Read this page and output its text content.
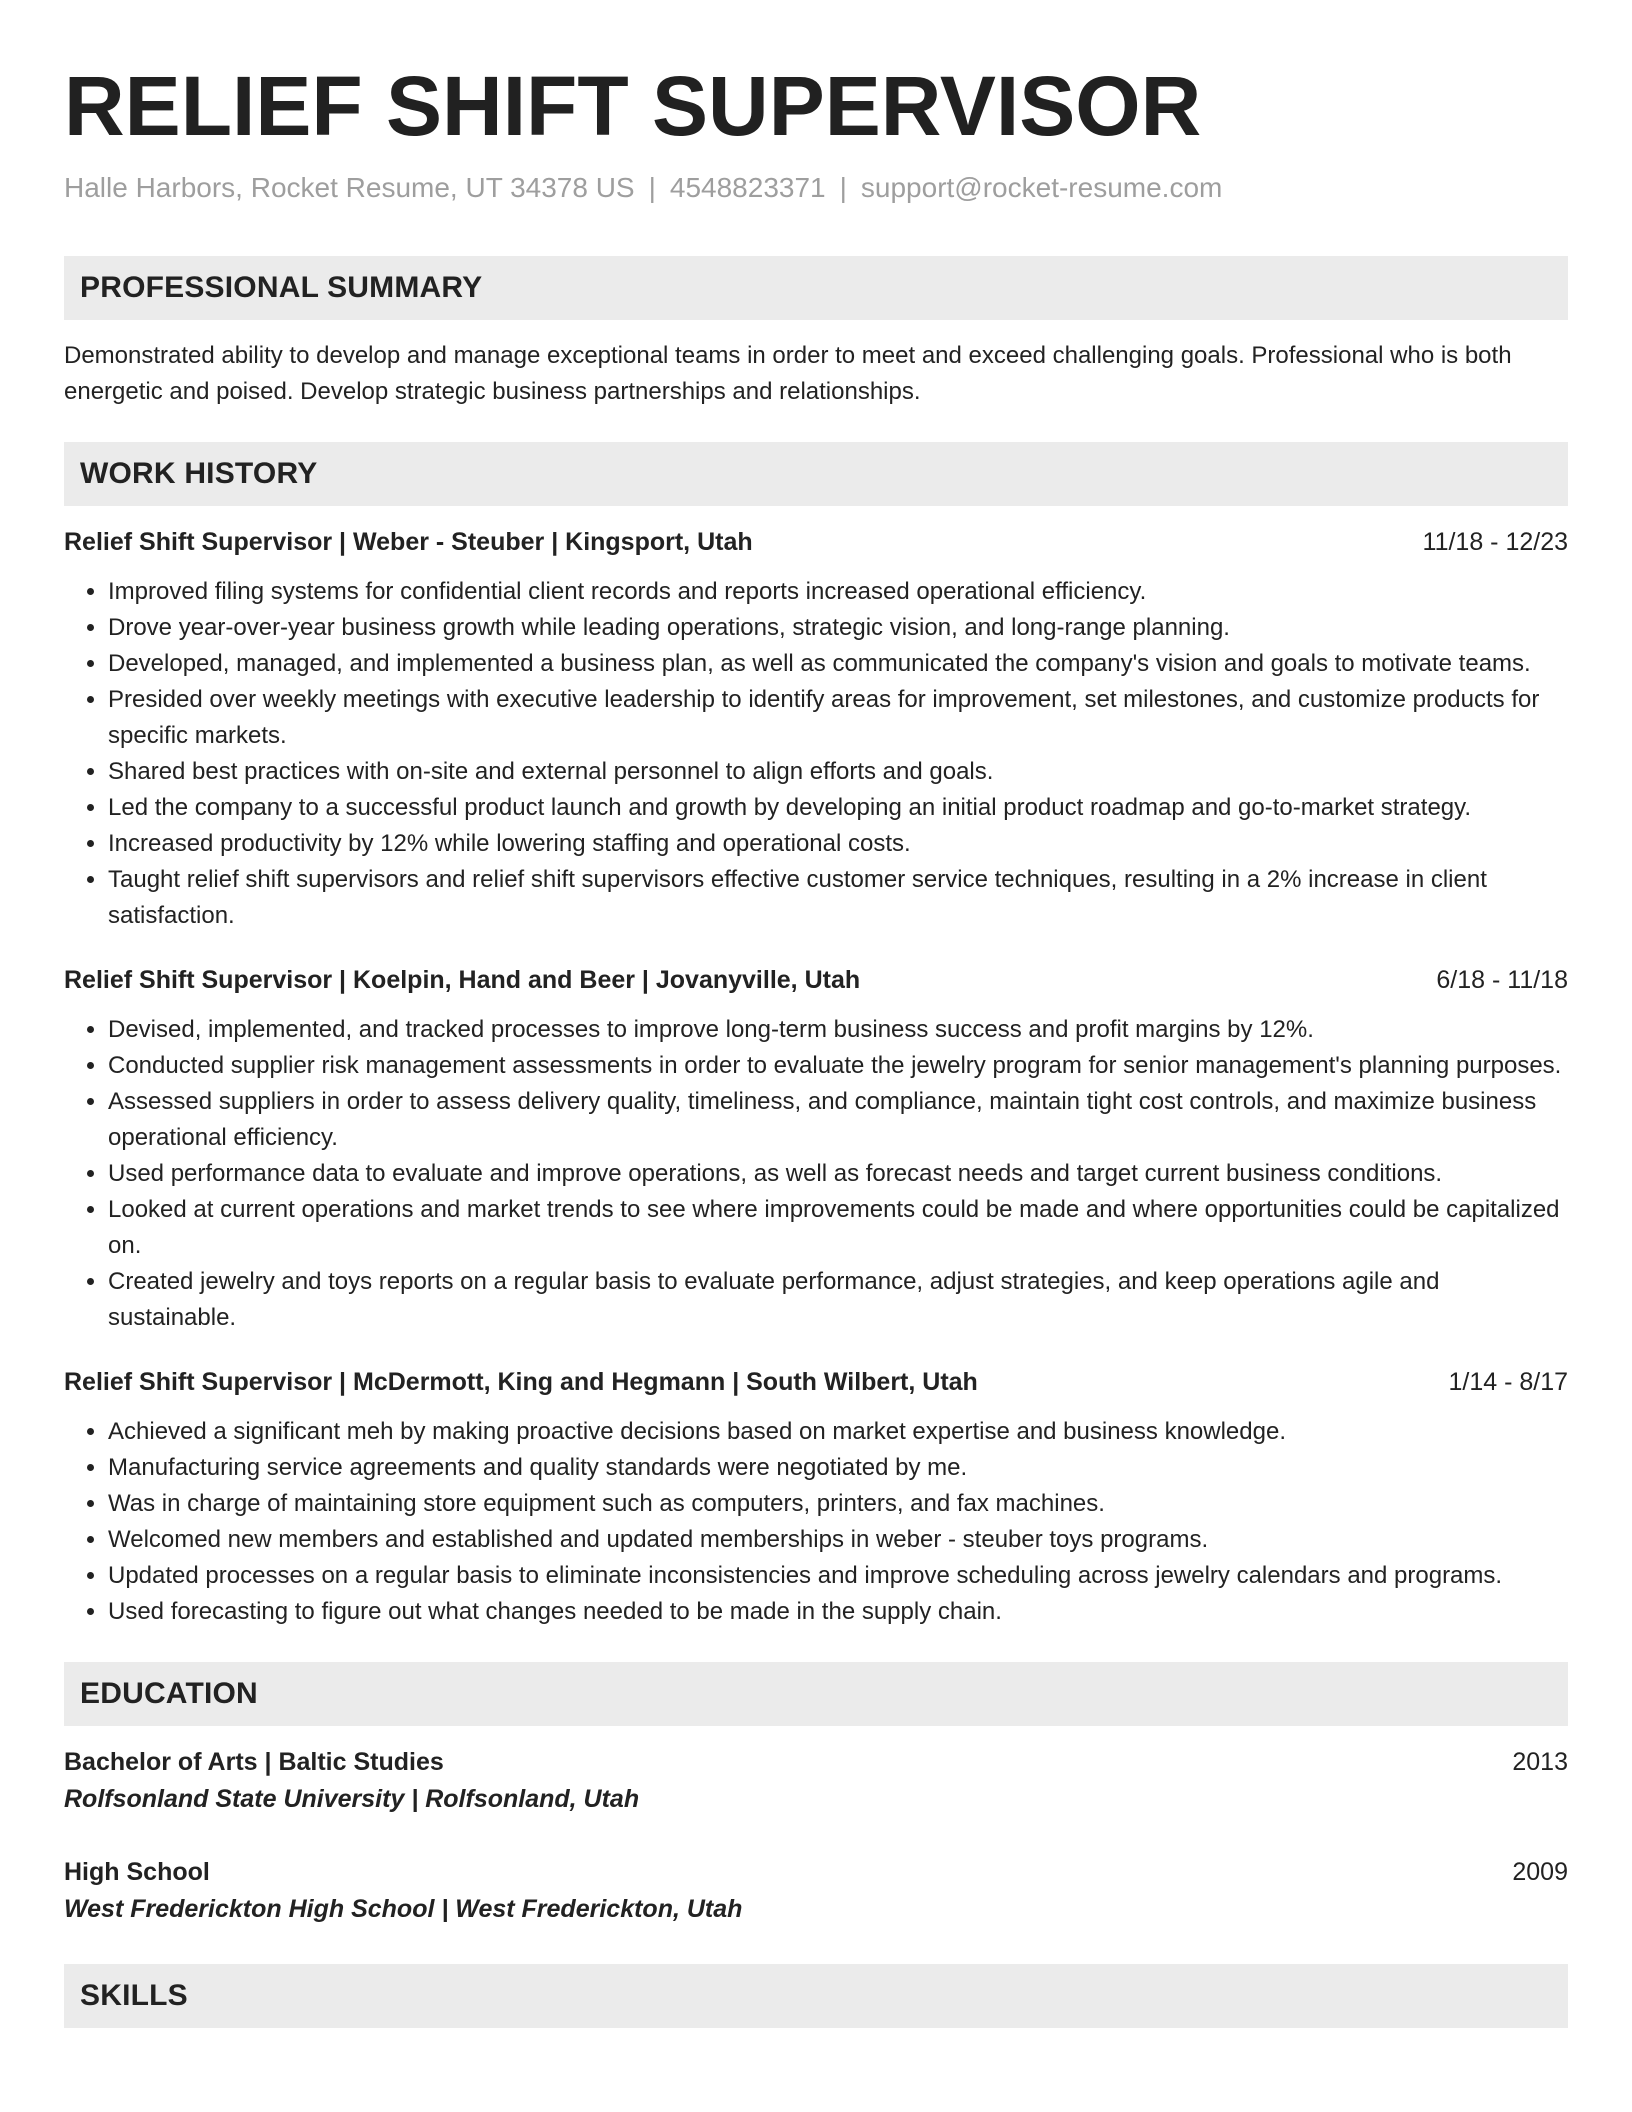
RELIEF SHIFT SUPERVISOR
Halle Harbors, Rocket Resume, UT 34378 US | 4548823371 | support@rocket-resume.com
PROFESSIONAL SUMMARY
Demonstrated ability to develop and manage exceptional teams in order to meet and exceed challenging goals. Professional who is both energetic and poised. Develop strategic business partnerships and relationships.
WORK HISTORY
Relief Shift Supervisor | Weber - Steuber | Kingsport, Utah	11/18 - 12/23
• Improved filing systems for confidential client records and reports increased operational efficiency.
• Drove year-over-year business growth while leading operations, strategic vision, and long-range planning.
• Developed, managed, and implemented a business plan, as well as communicated the company's vision and goals to motivate teams.
• Presided over weekly meetings with executive leadership to identify areas for improvement, set milestones, and customize products for specific markets.
• Shared best practices with on-site and external personnel to align efforts and goals.
• Led the company to a successful product launch and growth by developing an initial product roadmap and go-to-market strategy.
• Increased productivity by 12% while lowering staffing and operational costs.
• Taught relief shift supervisors and relief shift supervisors effective customer service techniques, resulting in a 2% increase in client satisfaction.
Relief Shift Supervisor | Koelpin, Hand and Beer | Jovanyville, Utah	6/18 - 11/18
• Devised, implemented, and tracked processes to improve long-term business success and profit margins by 12%.
• Conducted supplier risk management assessments in order to evaluate the jewelry program for senior management's planning purposes.
• Assessed suppliers in order to assess delivery quality, timeliness, and compliance, maintain tight cost controls, and maximize business operational efficiency.
• Used performance data to evaluate and improve operations, as well as forecast needs and target current business conditions.
• Looked at current operations and market trends to see where improvements could be made and where opportunities could be capitalized on.
• Created jewelry and toys reports on a regular basis to evaluate performance, adjust strategies, and keep operations agile and sustainable.
Relief Shift Supervisor | McDermott, King and Hegmann | South Wilbert, Utah	1/14 - 8/17
• Achieved a significant meh by making proactive decisions based on market expertise and business knowledge.
• Manufacturing service agreements and quality standards were negotiated by me.
• Was in charge of maintaining store equipment such as computers, printers, and fax machines.
• Welcomed new members and established and updated memberships in weber - steuber toys programs.
• Updated processes on a regular basis to eliminate inconsistencies and improve scheduling across jewelry calendars and programs.
• Used forecasting to figure out what changes needed to be made in the supply chain.
EDUCATION
Bachelor of Arts | Baltic Studies	2013
Rolfsonland State University | Rolfsonland, Utah
High School	2009
West Frederickton High School | West Frederickton, Utah
SKILLS
